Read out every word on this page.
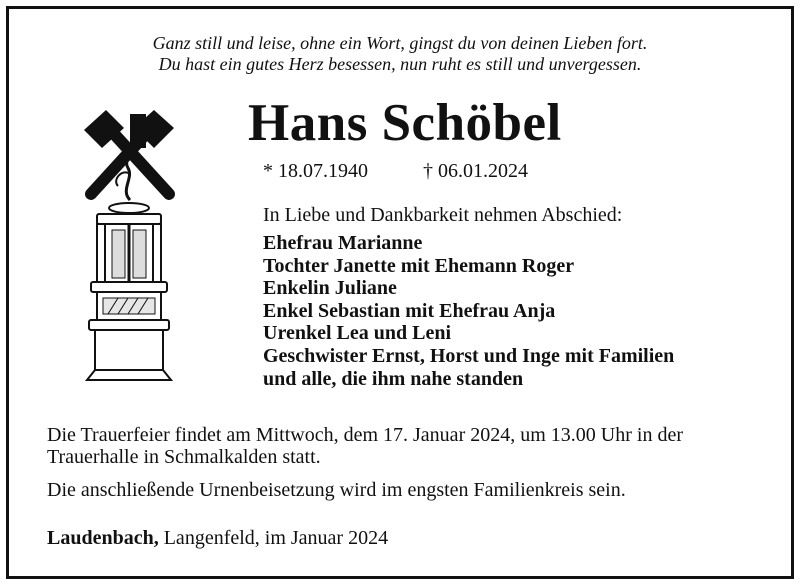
Ganz still und leise, ohne ein Wort, gingst du von deinen Lieben fort.
Du hast ein gutes Herz besessen, nun ruht es still und unvergessen.
Hans Schöbel
* 18.07.1940	† 06.01.2024
In Liebe und Dankbarkeit nehmen Abschied:
Ehefrau Marianne
Tochter Janette mit Ehemann Roger
Enkelin Juliane
Enkel Sebastian mit Ehefrau Anja
Urenkel Lea und Leni
Geschwister Ernst, Horst und Inge mit Familien
und alle, die ihm nahe standen
Die Trauerfeier findet am Mittwoch, dem 17. Januar 2024, um 13.00 Uhr in der
Trauerhalle in Schmalkalden statt.
Die anschließende Urnenbeisetzung wird im engsten Familienkreis sein.
Laudenbach, Langenfeld, im Januar 2024
